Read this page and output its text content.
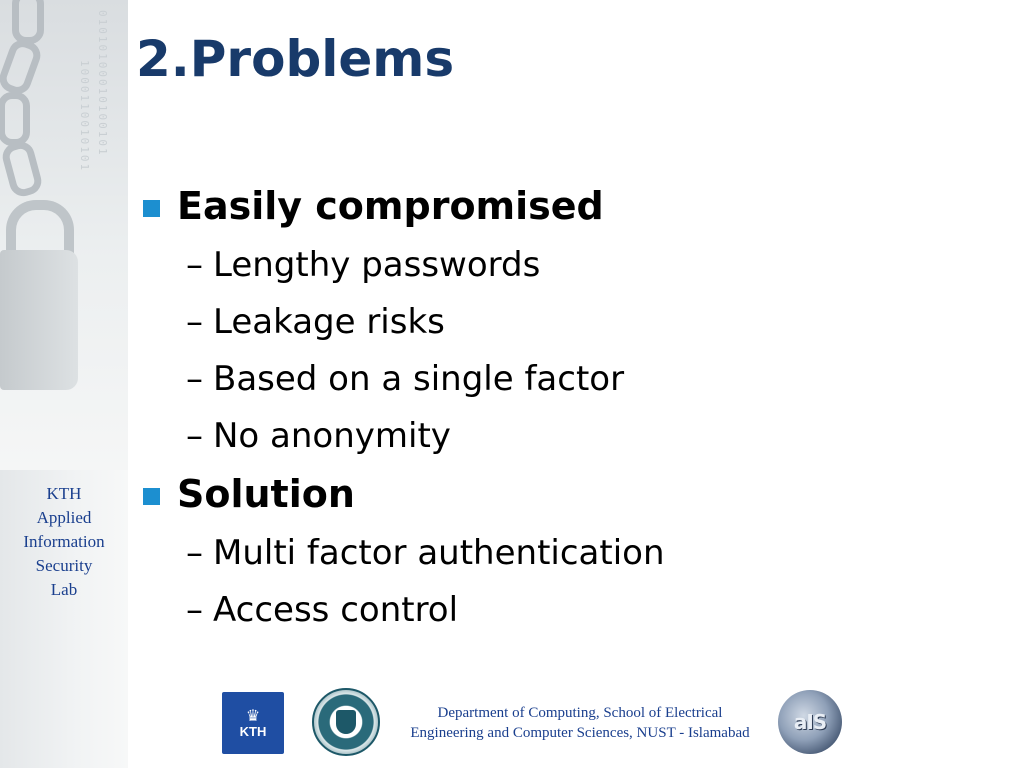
01010100010100101
1000110010101
KTH
Applied
Information
Security
Lab
2.Problems
Easily compromised
– Lengthy passwords
– Leakage risks
– Based on a single factor
– No anonymity
Solution
– Multi factor authentication
– Access control
♛
KTH
Department of Computing, School of Electrical Engineering and Computer Sciences, NUST - Islamabad aIS
